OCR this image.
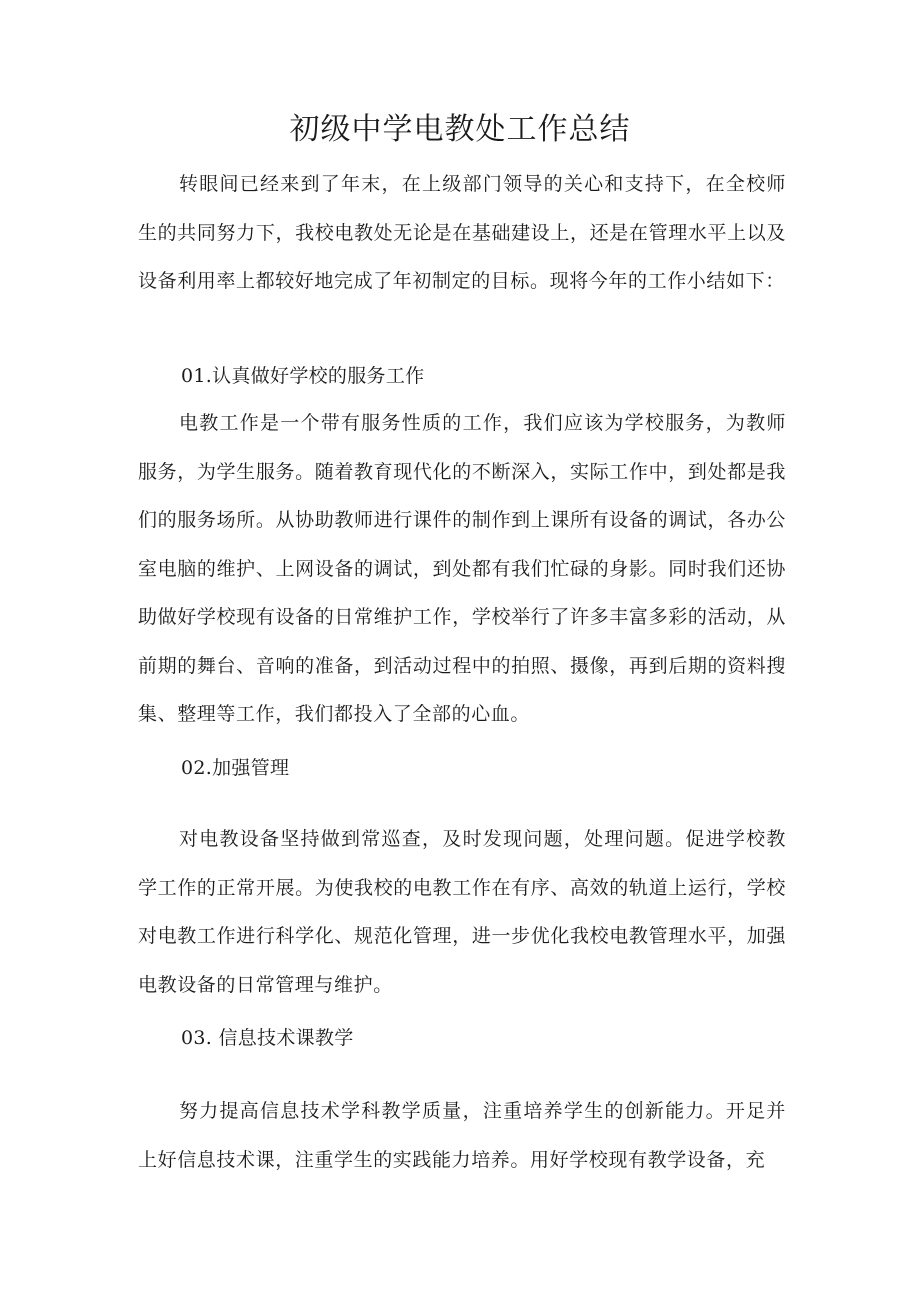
初级中学电教处工作总结

转眼间已经来到了年末，在上级部门领导的关心和支持下，在全校师生的共同努力下，我校电教处无论是在基础建设上，还是在管理水平上以及设备利用率上都较好地完成了年初制定的目标。现将今年的工作小结如下：

01.认真做好学校的服务工作

电教工作是一个带有服务性质的工作，我们应该为学校服务，为教师服务，为学生服务。随着教育现代化的不断深入，实际工作中，到处都是我们的服务场所。从协助教师进行课件的制作到上课所有设备的调试，各办公室电脑的维护、上网设备的调试，到处都有我们忙碌的身影。同时我们还协助做好学校现有设备的日常维护工作，学校举行了许多丰富多彩的活动，从前期的舞台、音响的准备，到活动过程中的拍照、摄像，再到后期的资料搜集、整理等工作，我们都投入了全部的心血。

02.加强管理

对电教设备坚持做到常巡查，及时发现问题，处理问题。促进学校教学工作的正常开展。为使我校的电教工作在有序、高效的轨道上运行，学校对电教工作进行科学化、规范化管理，进一步优化我校电教管理水平，加强电教设备的日常管理与维护。

03. 信息技术课教学

努力提高信息技术学科教学质量，注重培养学生的创新能力。开足并上好信息技术课，注重学生的实践能力培养。用好学校现有教学设备，充
